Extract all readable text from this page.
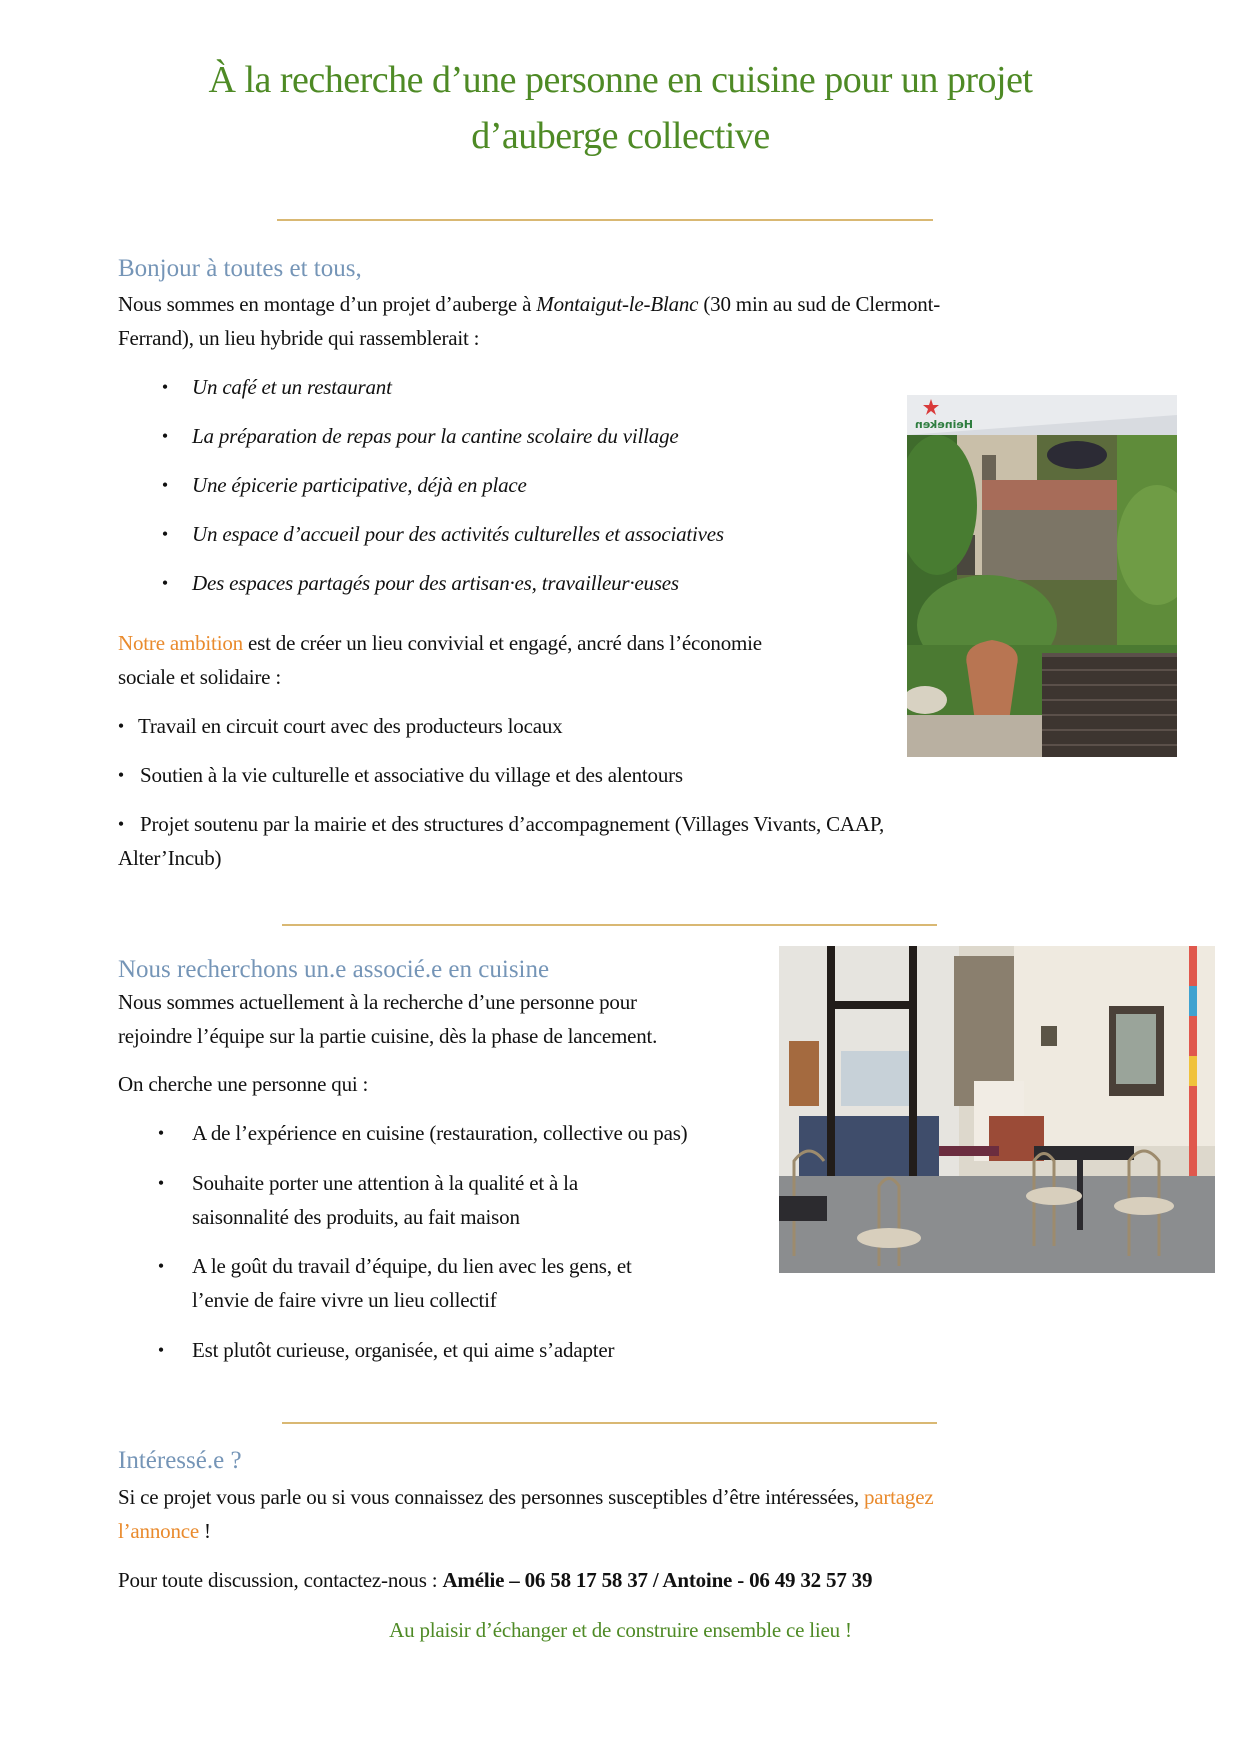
À la recherche d’une personne en cuisine pour un projet
d’auberge collective
Bonjour à toutes et tous,
Nous sommes en montage d’un projet d’auberge à Montaigut-le-Blanc (30 min au sud de Clermont-
Ferrand), un lieu hybride qui rassemblerait :
• Un café et un restaurant
• La préparation de repas pour la cantine scolaire du village
• Une épicerie participative, déjà en place
• Un espace d’accueil pour des activités culturelles et associatives
• Des espaces partagés pour des artisan·es, travailleur·euses
Heineken
Notre ambition est de créer un lieu convivial et engagé, ancré dans l’économie
sociale et solidaire :
• Travail en circuit court avec des producteurs locaux
• Soutien à la vie culturelle et associative du village et des alentours
• Projet soutenu par la mairie et des structures d’accompagnement (Villages Vivants, CAAP,
Alter’Incub)
Nous recherchons un.e associé.e en cuisine
Nous sommes actuellement à la recherche d’une personne pour
rejoindre l’équipe sur la partie cuisine, dès la phase de lancement.
On cherche une personne qui :
• A de l’expérience en cuisine (restauration, collective ou pas)
• Souhaite porter une attention à la qualité et à la
saisonnalité des produits, au fait maison
• A le goût du travail d’équipe, du lien avec les gens, et
l’envie de faire vivre un lieu collectif
• Est plutôt curieuse, organisée, et qui aime s’adapter
Intéressé.e ?
Si ce projet vous parle ou si vous connaissez des personnes susceptibles d’être intéressées, partagez
l’annonce !
Pour toute discussion, contactez-nous : Amélie – 06 58 17 58 37 / Antoine - 06 49 32 57 39
Au plaisir d’échanger et de construire ensemble ce lieu !
